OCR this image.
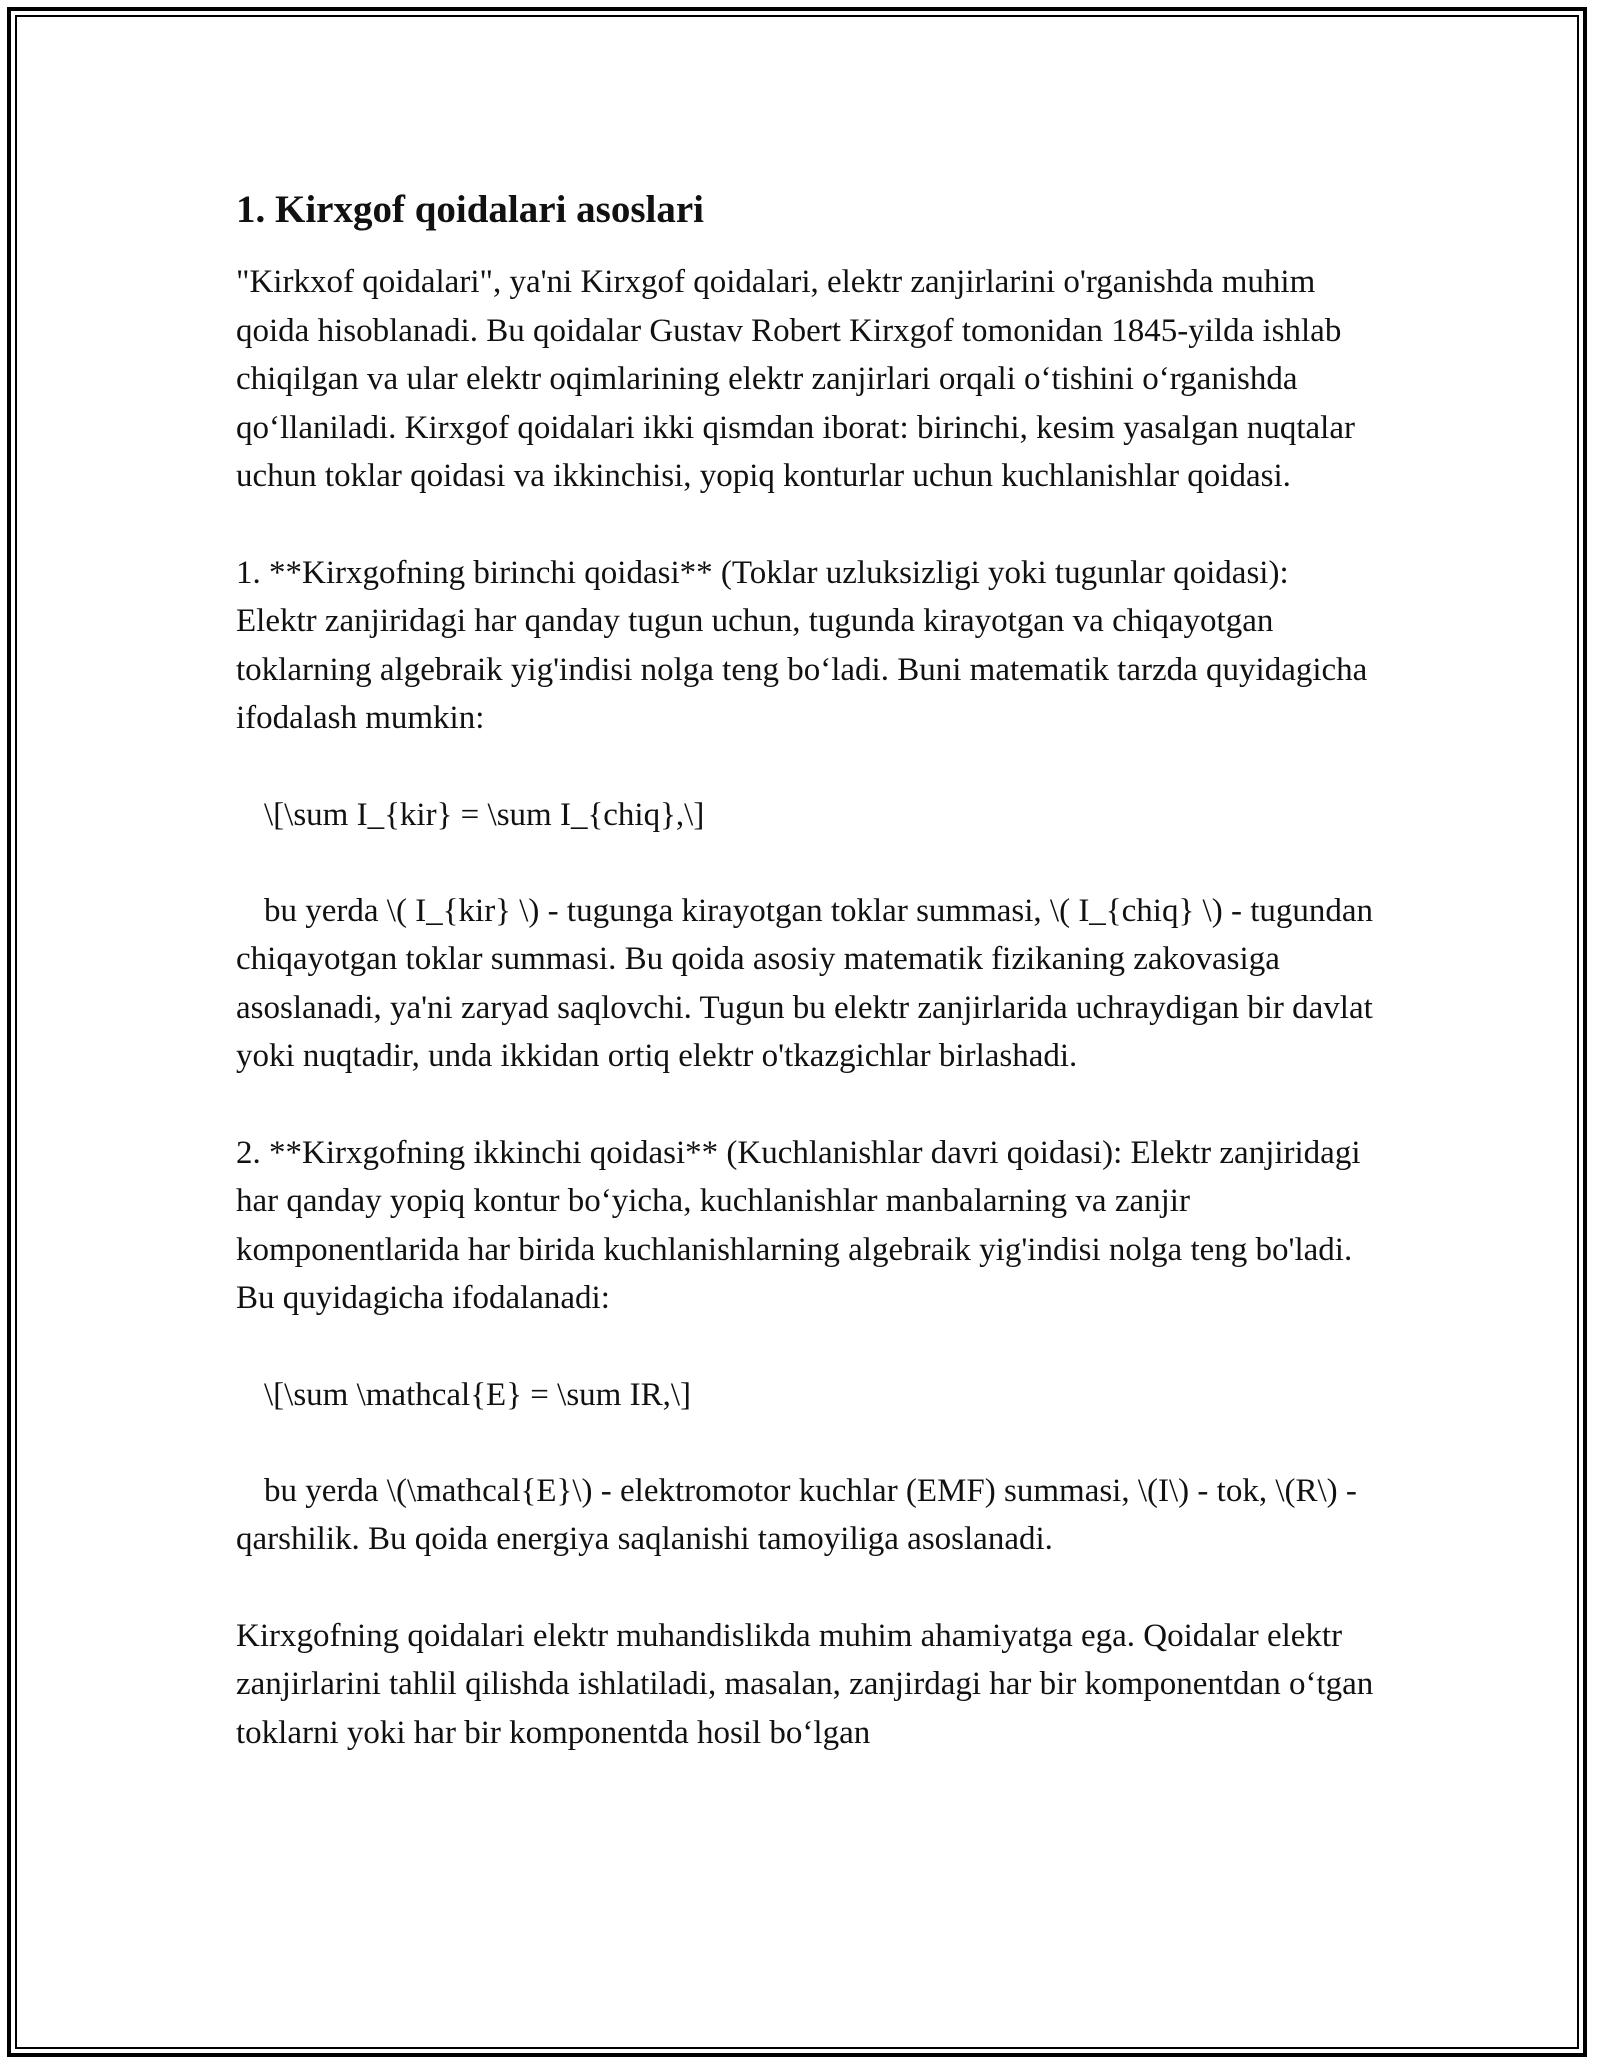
1. Kirxgof qoidalari asoslari

"Kirkxof qoidalari", ya'ni Kirxgof qoidalari, elektr zanjirlarini o'rganishda muhim qoida hisoblanadi. Bu qoidalar Gustav Robert Kirxgof tomonidan 1845-yilda ishlab chiqilgan va ular elektr oqimlarining elektr zanjirlari orqali o‘tishini o‘rganishda qo‘llaniladi. Kirxgof qoidalari ikki qismdan iborat: birinchi, kesim yasalgan nuqtalar uchun toklar qoidasi va ikkinchisi, yopiq konturlar uchun kuchlanishlar qoidasi.

1. **Kirxgofning birinchi qoidasi** (Toklar uzluksizligi yoki tugunlar qoidasi): Elektr zanjiridagi har qanday tugun uchun, tugunda kirayotgan va chiqayotgan toklarning algebraik yig'indisi nolga teng bo‘ladi. Buni matematik tarzda quyidagicha ifodalash mumkin:

\[\sum I_{kir} = \sum I_{chiq},\]

bu yerda \( I_{kir} \) - tugunga kirayotgan toklar summasi, \( I_{chiq} \) - tugundan chiqayotgan toklar summasi. Bu qoida asosiy matematik fizikaning zakovasiga asoslanadi, ya'ni zaryad saqlovchi. Tugun bu elektr zanjirlarida uchraydigan bir davlat yoki nuqtadir, unda ikkidan ortiq elektr o'tkazgichlar birlashadi.

2. **Kirxgofning ikkinchi qoidasi** (Kuchlanishlar davri qoidasi): Elektr zanjiridagi har qanday yopiq kontur bo‘yicha, kuchlanishlar manbalarning va zanjir komponentlarida har birida kuchlanishlarning algebraik yig'indisi nolga teng bo'ladi. Bu quyidagicha ifodalanadi:

\[\sum \mathcal{E} = \sum IR,\]

bu yerda \(\mathcal{E}\) - elektromotor kuchlar (EMF) summasi, \(I\) - tok, \(R\) - qarshilik. Bu qoida energiya saqlanishi tamoyiliga asoslanadi.

Kirxgofning qoidalari elektr muhandislikda muhim ahamiyatga ega. Qoidalar elektr zanjirlarini tahlil qilishda ishlatiladi, masalan, zanjirdagi har bir komponentdan o‘tgan toklarni yoki har bir komponentda hosil bo‘lgan
